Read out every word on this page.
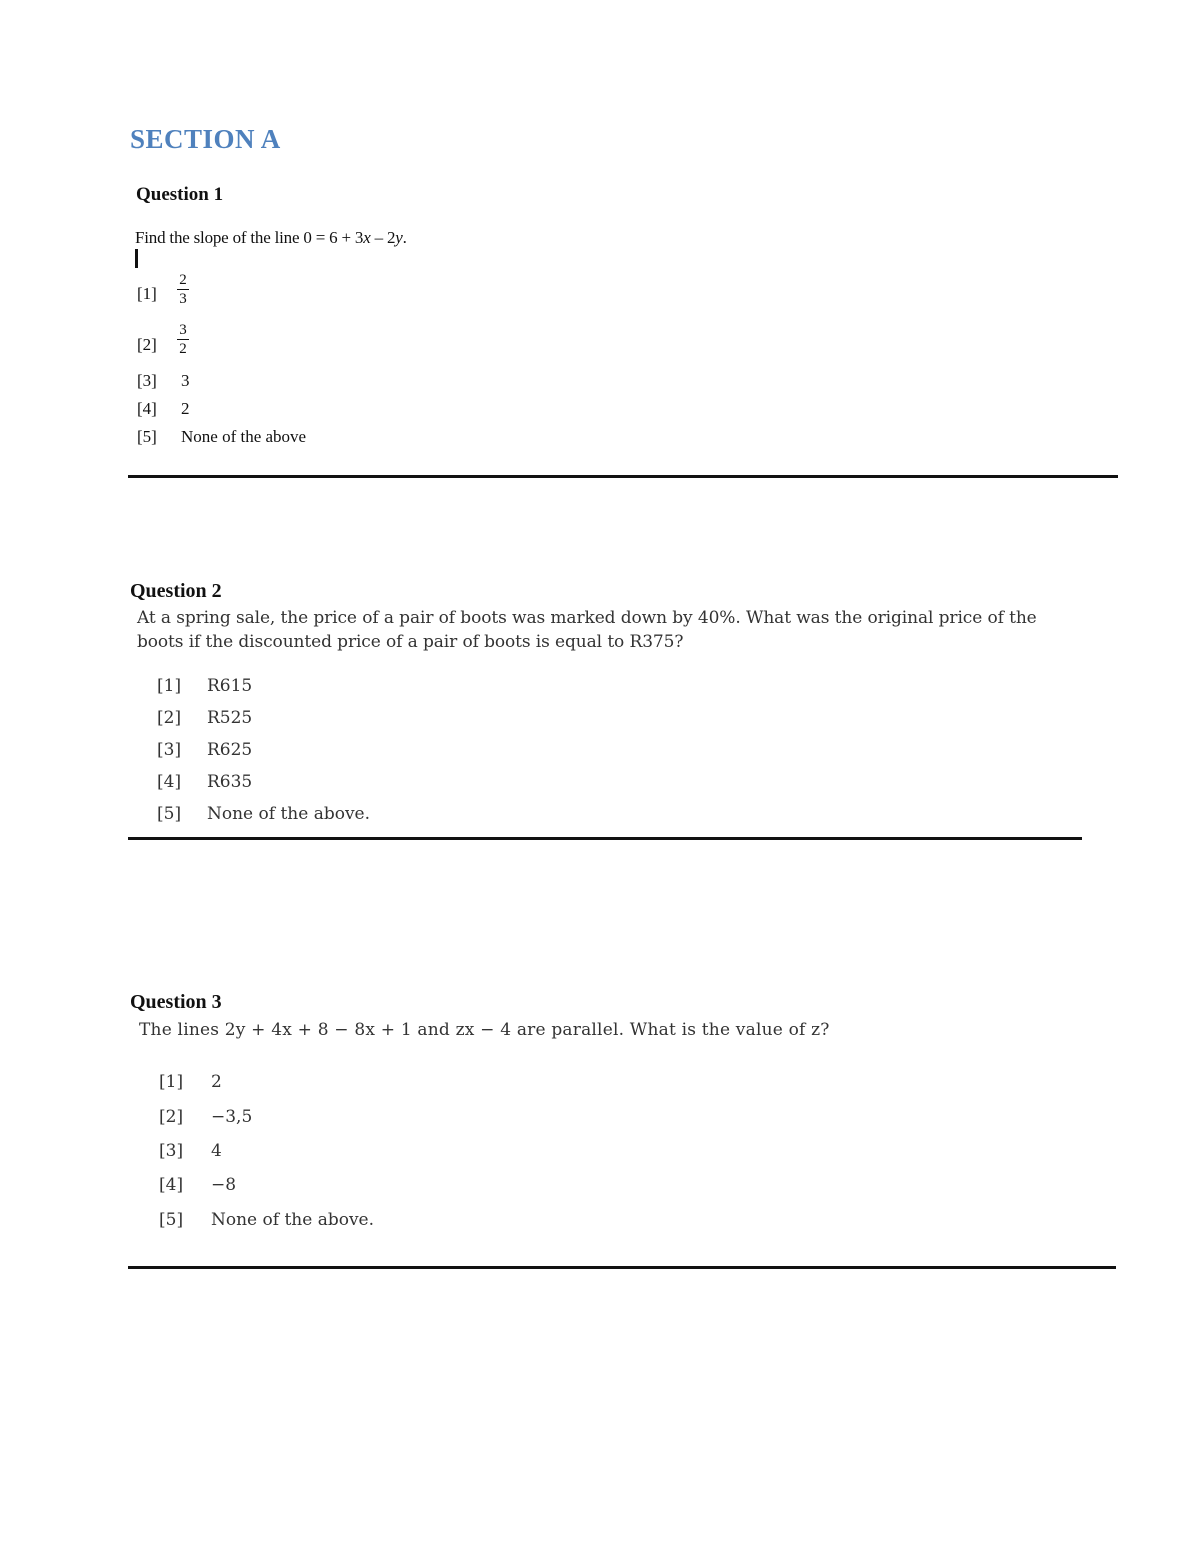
SECTION A
Question 1
Find the slope of the line 0 = 6 + 3x – 2y.
[1]
2
3
[2]
3
2
[3] 3
[4] 2
[5] None of the above
Question 2
At a spring sale, the price of a pair of boots was marked down by 40%. What was the original price of the boots if the discounted price of a pair of boots is equal to R375?
[1] R615
[2] R525
[3] R625
[4] R635
[5] None of the above.
Question 3
The lines 2y + 4x + 8 − 8x + 1 and zx − 4 are parallel. What is the value of z?
[1] 2
[2] −3,5
[3] 4
[4] −8
[5] None of the above.
